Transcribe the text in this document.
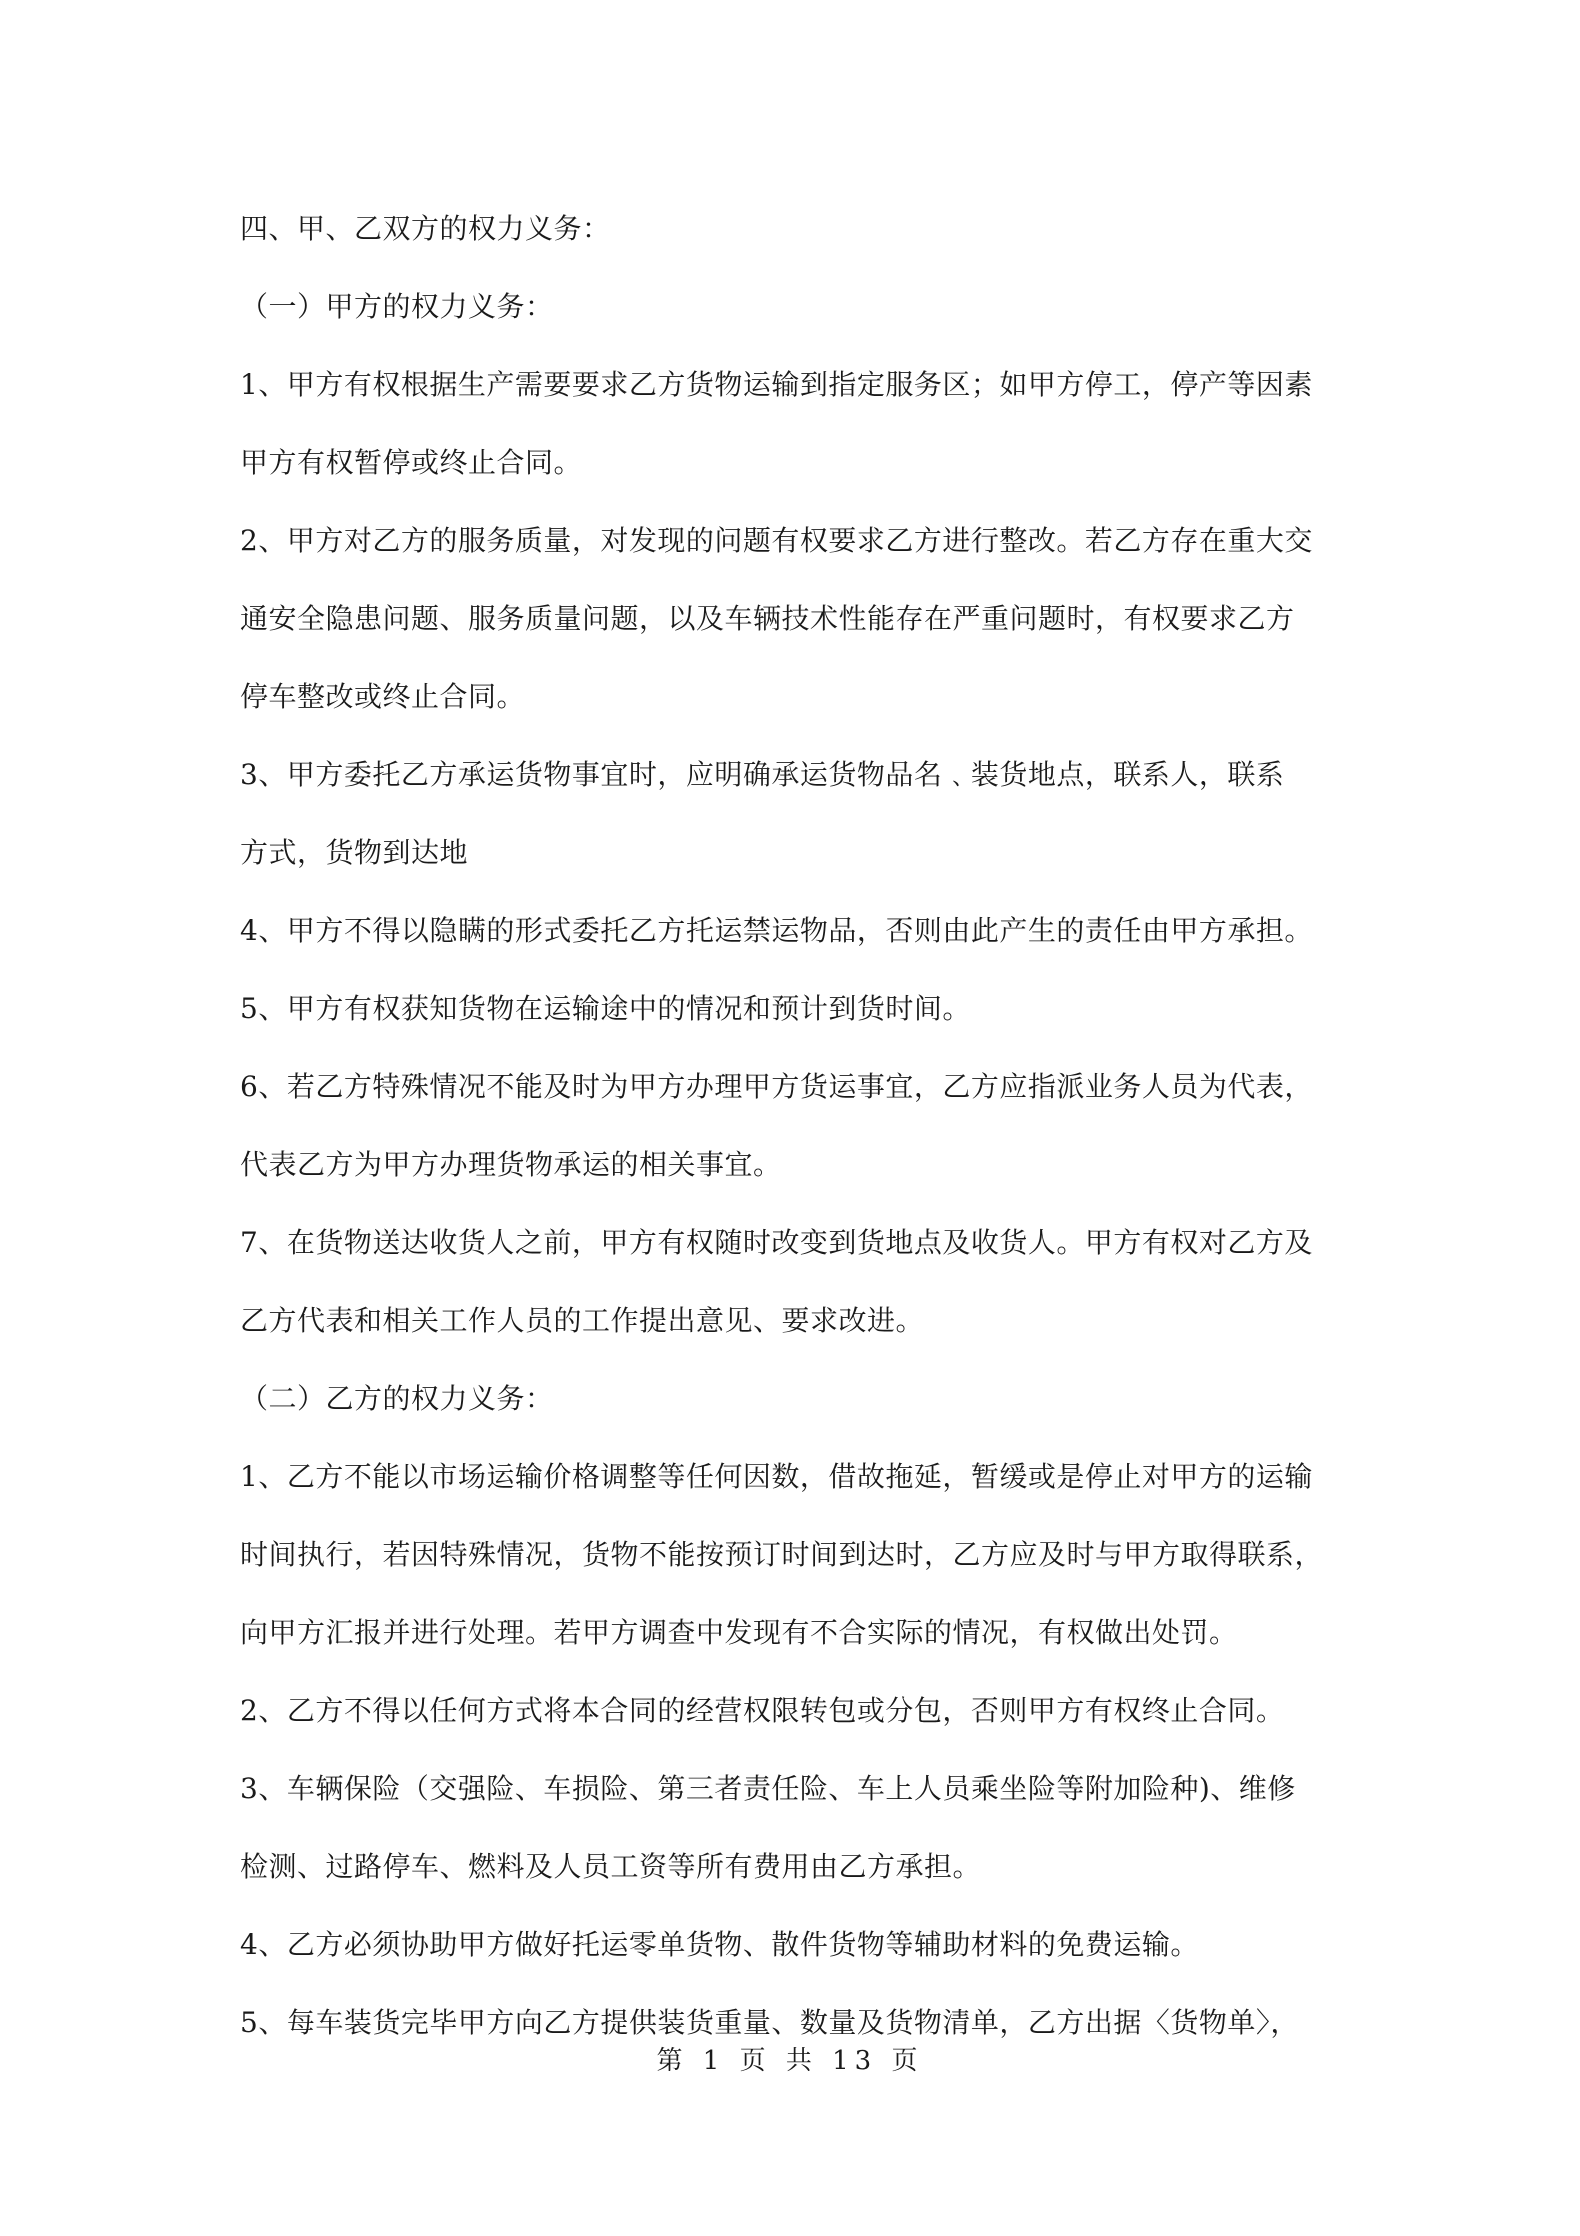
四、甲、乙双方的权力义务：
（一）甲方的权力义务：
1、甲方有权根据生产需要要求乙方货物运输到指定服务区；如甲方停工，停产等因素
甲方有权暂停或终止合同。
2、甲方对乙方的服务质量，对发现的问题有权要求乙方进行整改。若乙方存在重大交
通安全隐患问题、服务质量问题，以及车辆技术性能存在严重问题时，有权要求乙方
停车整改或终止合同。
3、甲方委托乙方承运货物事宜时，应明确承运货物品名﹑装货地点，联系人，联系
方式，货物到达地
4、甲方不得以隐瞒的形式委托乙方托运禁运物品，否则由此产生的责任由甲方承担。
5、甲方有权获知货物在运输途中的情况和预计到货时间。
6、若乙方特殊情况不能及时为甲方办理甲方货运事宜，乙方应指派业务人员为代表，
代表乙方为甲方办理货物承运的相关事宜。
7、在货物送达收货人之前，甲方有权随时改变到货地点及收货人。甲方有权对乙方及
乙方代表和相关工作人员的工作提出意见、要求改进。
（二）乙方的权力义务：
1、乙方不能以市场运输价格调整等任何因数，借故拖延，暂缓或是停止对甲方的运输
时间执行，若因特殊情况，货物不能按预订时间到达时，乙方应及时与甲方取得联系，
向甲方汇报并进行处理。若甲方调查中发现有不合实际的情况，有权做出处罚。
2、乙方不得以任何方式将本合同的经营权限转包或分包，否则甲方有权终止合同。
3、车辆保险（交强险、车损险、第三者责任险、车上人员乘坐险等附加险种)、维修
检测、过路停车、燃料及人员工资等所有费用由乙方承担。
4、乙方必须协助甲方做好托运零单货物、散件货物等辅助材料的免费运输。
5、每车装货完毕甲方向乙方提供装货重量、数量及货物清单，乙方出据〈货物单〉，
第 1 页 共 13 页
